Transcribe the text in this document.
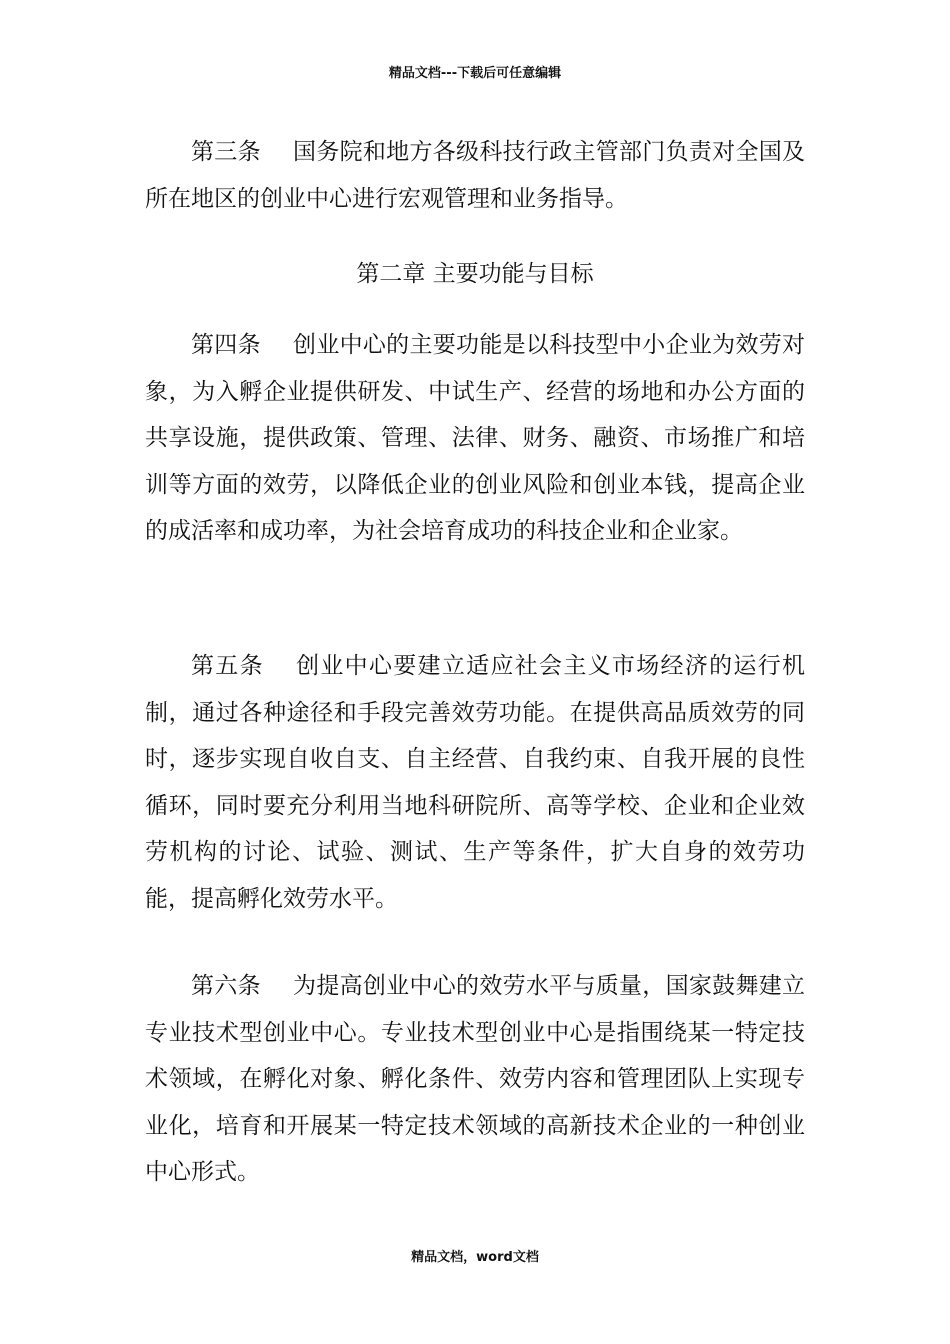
精品文档---下载后可任意编辑

第三条 国务院和地方各级科技行政主管部门负责对全国及所在地区的创业中心进行宏观管理和业务指导。

第二章 主要功能与目标

第四条 创业中心的主要功能是以科技型中小企业为效劳对象，为入孵企业提供研发、中试生产、经营的场地和办公方面的共享设施，提供政策、管理、法律、财务、融资、市场推广和培训等方面的效劳，以降低企业的创业风险和创业本钱，提高企业的成活率和成功率，为社会培育成功的科技企业和企业家。

第五条 创业中心要建立适应社会主义市场经济的运行机制，通过各种途径和手段完善效劳功能。在提供高品质效劳的同时，逐步实现自收自支、自主经营、自我约束、自我开展的良性循环，同时要充分利用当地科研院所、高等学校、企业和企业效劳机构的讨论、试验、测试、生产等条件，扩大自身的效劳功能，提高孵化效劳水平。

第六条 为提高创业中心的效劳水平与质量，国家鼓舞建立专业技术型创业中心。专业技术型创业中心是指围绕某一特定技术领域，在孵化对象、孵化条件、效劳内容和管理团队上实现专业化，培育和开展某一特定技术领域的高新技术企业的一种创业中心形式。

精品文档，word文档
